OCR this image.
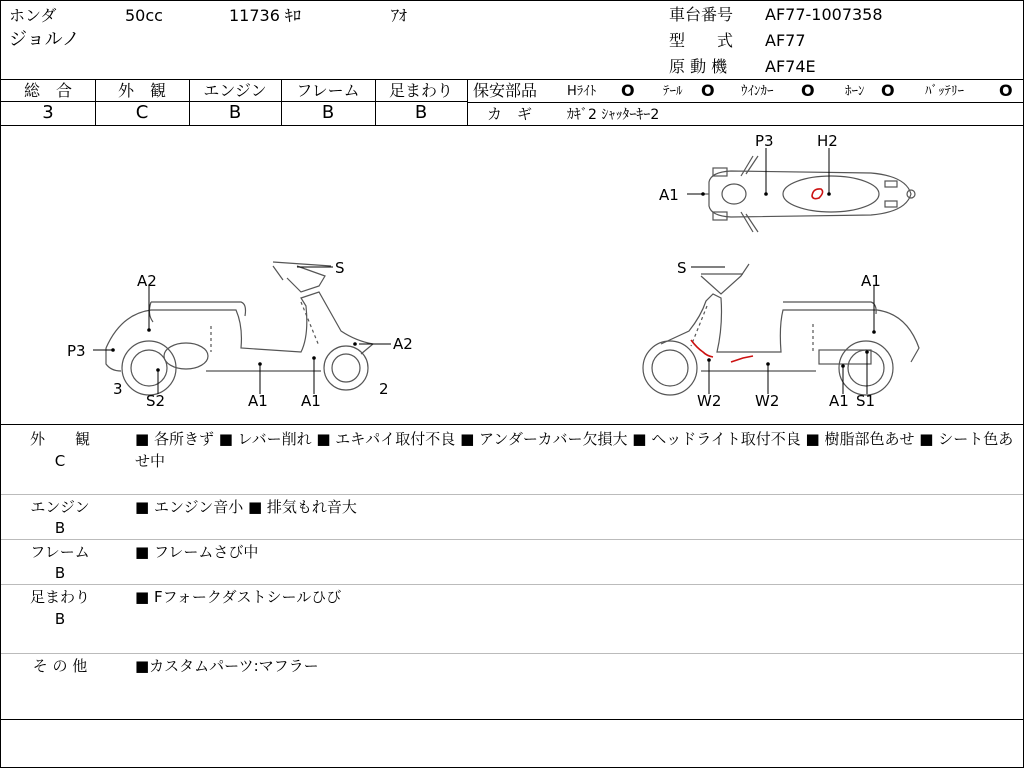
ホンダ	50cc	11736 ｷﾛ	ｱｵ
ジョルノ
車台番号 AF77-1007358
型　　式 AF77
原 動 機 AF74E
総　合	外　観	エンジン	フレーム	足まわり
3	C	B	B	B
保安部品 Hﾗｲﾄ O ﾃｰﾙ O ｳｲﾝｶｰ O ﾎｰﾝ O ﾊﾞｯﾃﾘｰ O
カ　ギ ｶｷﾞ2 ｼｬｯﾀｰｷｰ2
P3	H2
A1
S
A2
P3	A2
3
S2	A1 A1
2
S
A1
W2 W2	A1 S1
外　　観
C
■ 各所きず ■ レバー削れ ■ エキパイ取付不良 ■ アンダーカバー欠損大 ■ ヘッドライト取付不良 ■ 樹脂部色あせ ■ シート色あせ中
エンジン
B
■ エンジン音小 ■ 排気もれ音大
フレーム
B
■ フレームさび中
足まわり
B
■ Fフォークダストシールひび
そ の 他	■カスタムパーツ:マフラー
